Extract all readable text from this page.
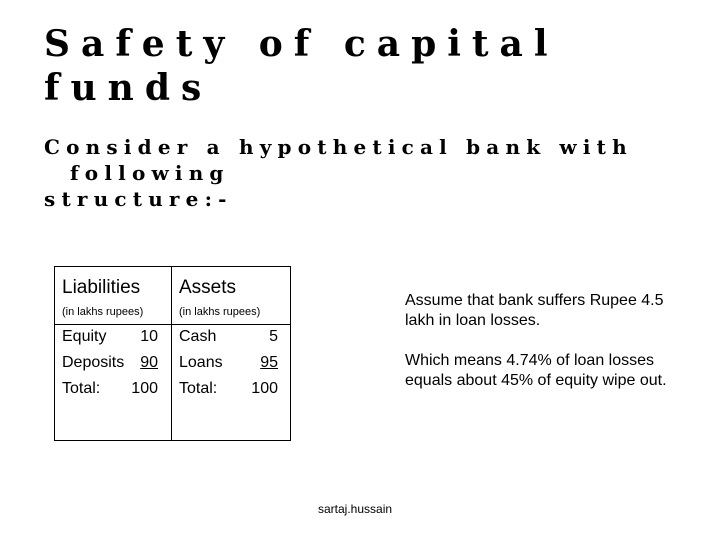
Safety of capital
funds
Consider a hypothetical bank with
following
structure:-
Liabilities
(in lakhs rupees)
Assets
(in lakhs rupees)
Equity 10
Deposits 90
Total: 100
Cash	5
Loans 95
Total: 100

Assume that bank suffers Rupee 4.5 lakh in loan losses.

Which means 4.74% of loan losses equals about 45% of equity wipe out.

sartaj.hussain
